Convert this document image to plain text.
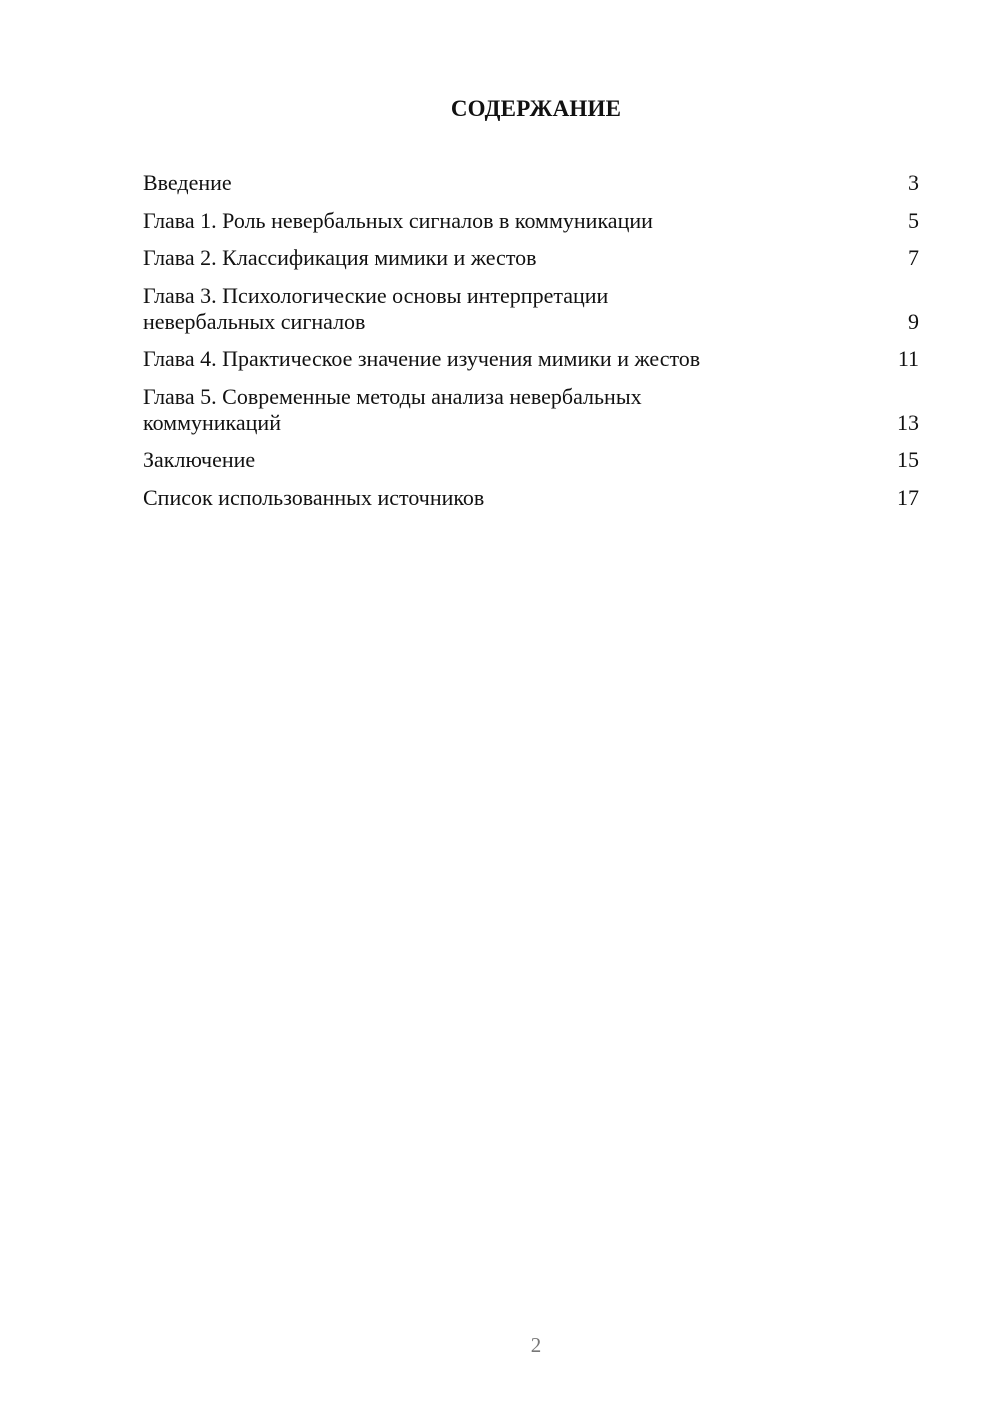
СОДЕРЖАНИЕ
Введение	3
Глава 1. Роль невербальных сигналов в коммуникации	5
Глава 2. Классификация мимики и жестов	7
Глава 3. Психологические основы интерпретации невербальных сигналов	9
Глава 4. Практическое значение изучения мимики и жестов	11
Глава 5. Современные методы анализа невербальных коммуникаций	13
Заключение	15
Список использованных источников	17
2
